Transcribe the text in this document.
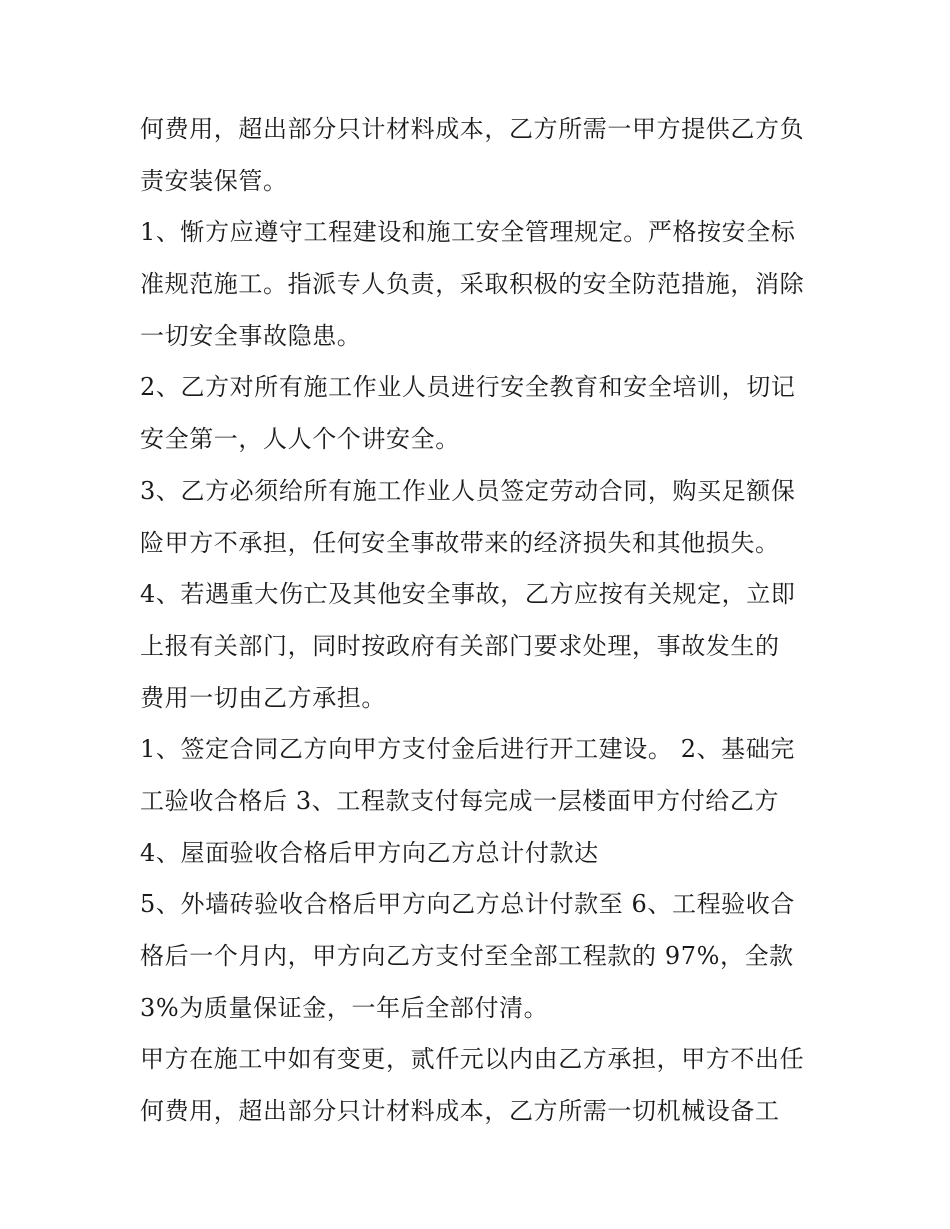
何费用，超出部分只计材料成本，乙方所需一甲方提供乙方负
责安装保管。
1、惭方应遵守工程建设和施工安全管理规定。严格按安全标
准规范施工。指派专人负责，采取积极的安全防范措施，消除
一切安全事故隐患。
2、乙方对所有施工作业人员进行安全教育和安全培训，切记
安全第一，人人个个讲安全。
3、乙方必须给所有施工作业人员签定劳动合同，购买足额保
险甲方不承担，任何安全事故带来的经济损失和其他损失。
4、若遇重大伤亡及其他安全事故，乙方应按有关规定，立即
上报有关部门，同时按政府有关部门要求处理，事故发生的
费用一切由乙方承担。
1、签定合同乙方向甲方支付金后进行开工建设。 2、基础完
工验收合格后 3、工程款支付每完成一层楼面甲方付给乙方
4、屋面验收合格后甲方向乙方总计付款达
5、外墙砖验收合格后甲方向乙方总计付款至 6、工程验收合
格后一个月内，甲方向乙方支付至全部工程款的 97%，全款
3%为质量保证金，一年后全部付清。
甲方在施工中如有变更，贰仟元以内由乙方承担，甲方不出任
何费用，超出部分只计材料成本，乙方所需一切机械设备工
